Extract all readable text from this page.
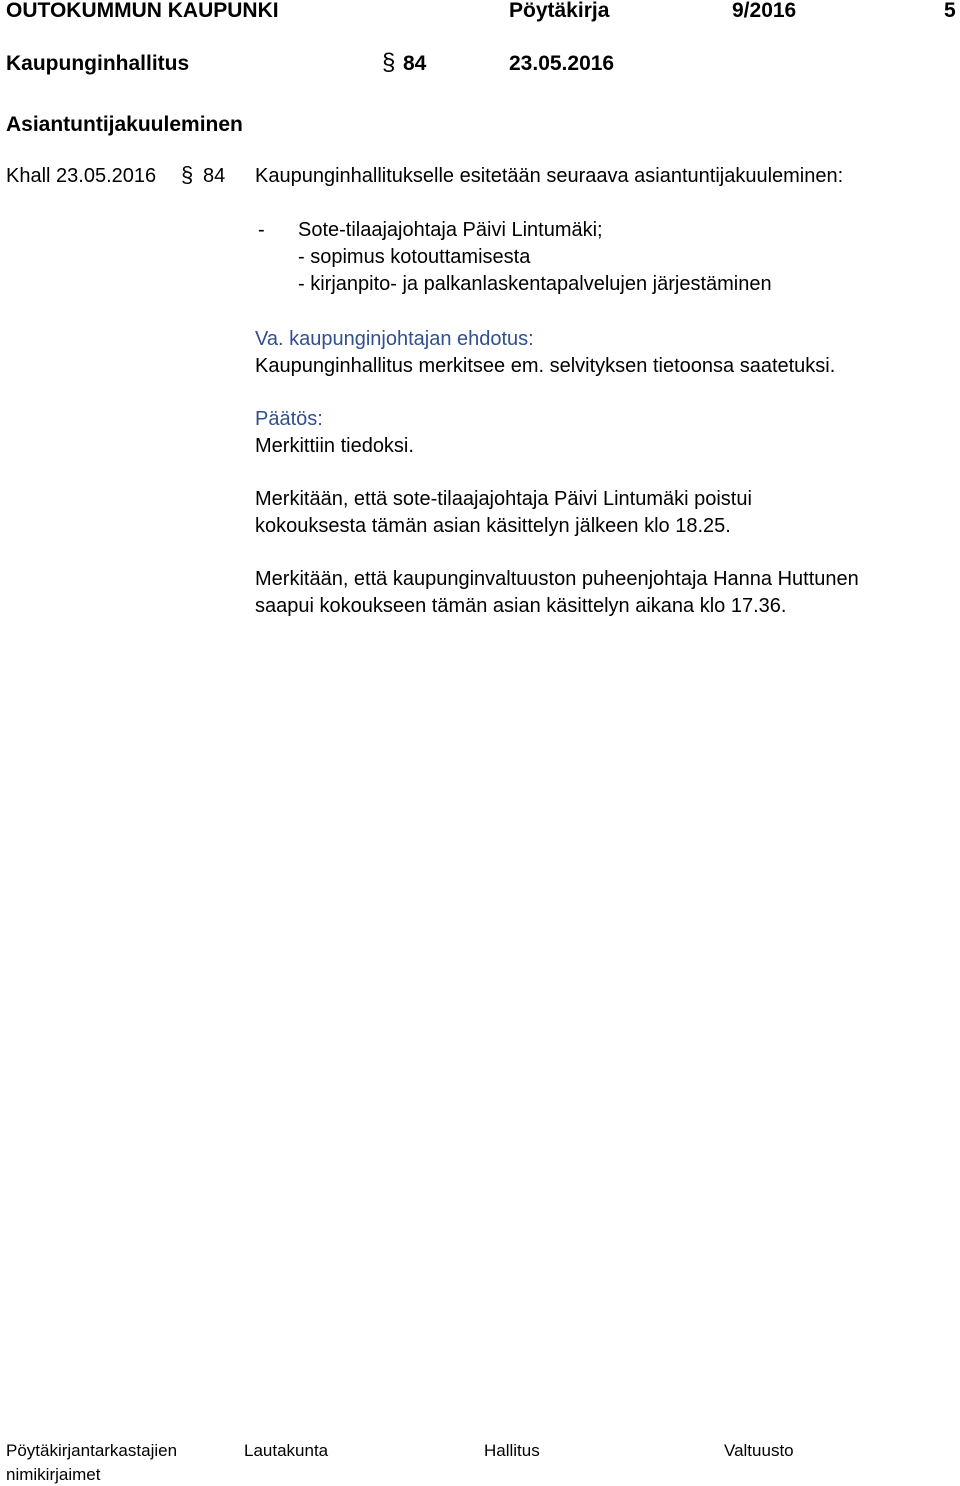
OUTOKUMMUN KAUPUNKI	Pöytäkirja	9/2016	5
Kaupunginhallitus	§ 84	23.05.2016
Asiantuntijakuuleminen
Khall 23.05.2016 § 84 Kaupunginhallitukselle esitetään seuraava asiantuntijakuuleminen:
- Sote-tilaajajohtaja Päivi Lintumäki;
- sopimus kotouttamisesta
- kirjanpito- ja palkanlaskentapalvelujen järjestäminen
Va. kaupunginjohtajan ehdotus:
Kaupunginhallitus merkitsee em. selvityksen tietoonsa saatetuksi.
Päätös:
Merkittiin tiedoksi.
Merkitään, että sote-tilaajajohtaja Päivi Lintumäki poistui
kokouksesta tämän asian käsittelyn jälkeen klo 18.25.
Merkitään, että kaupunginvaltuuston puheenjohtaja Hanna Huttunen
saapui kokoukseen tämän asian käsittelyn aikana klo 17.36.
Pöytäkirjantarkastajien
nimikirjaimet
Lautakunta	Hallitus	Valtuusto
